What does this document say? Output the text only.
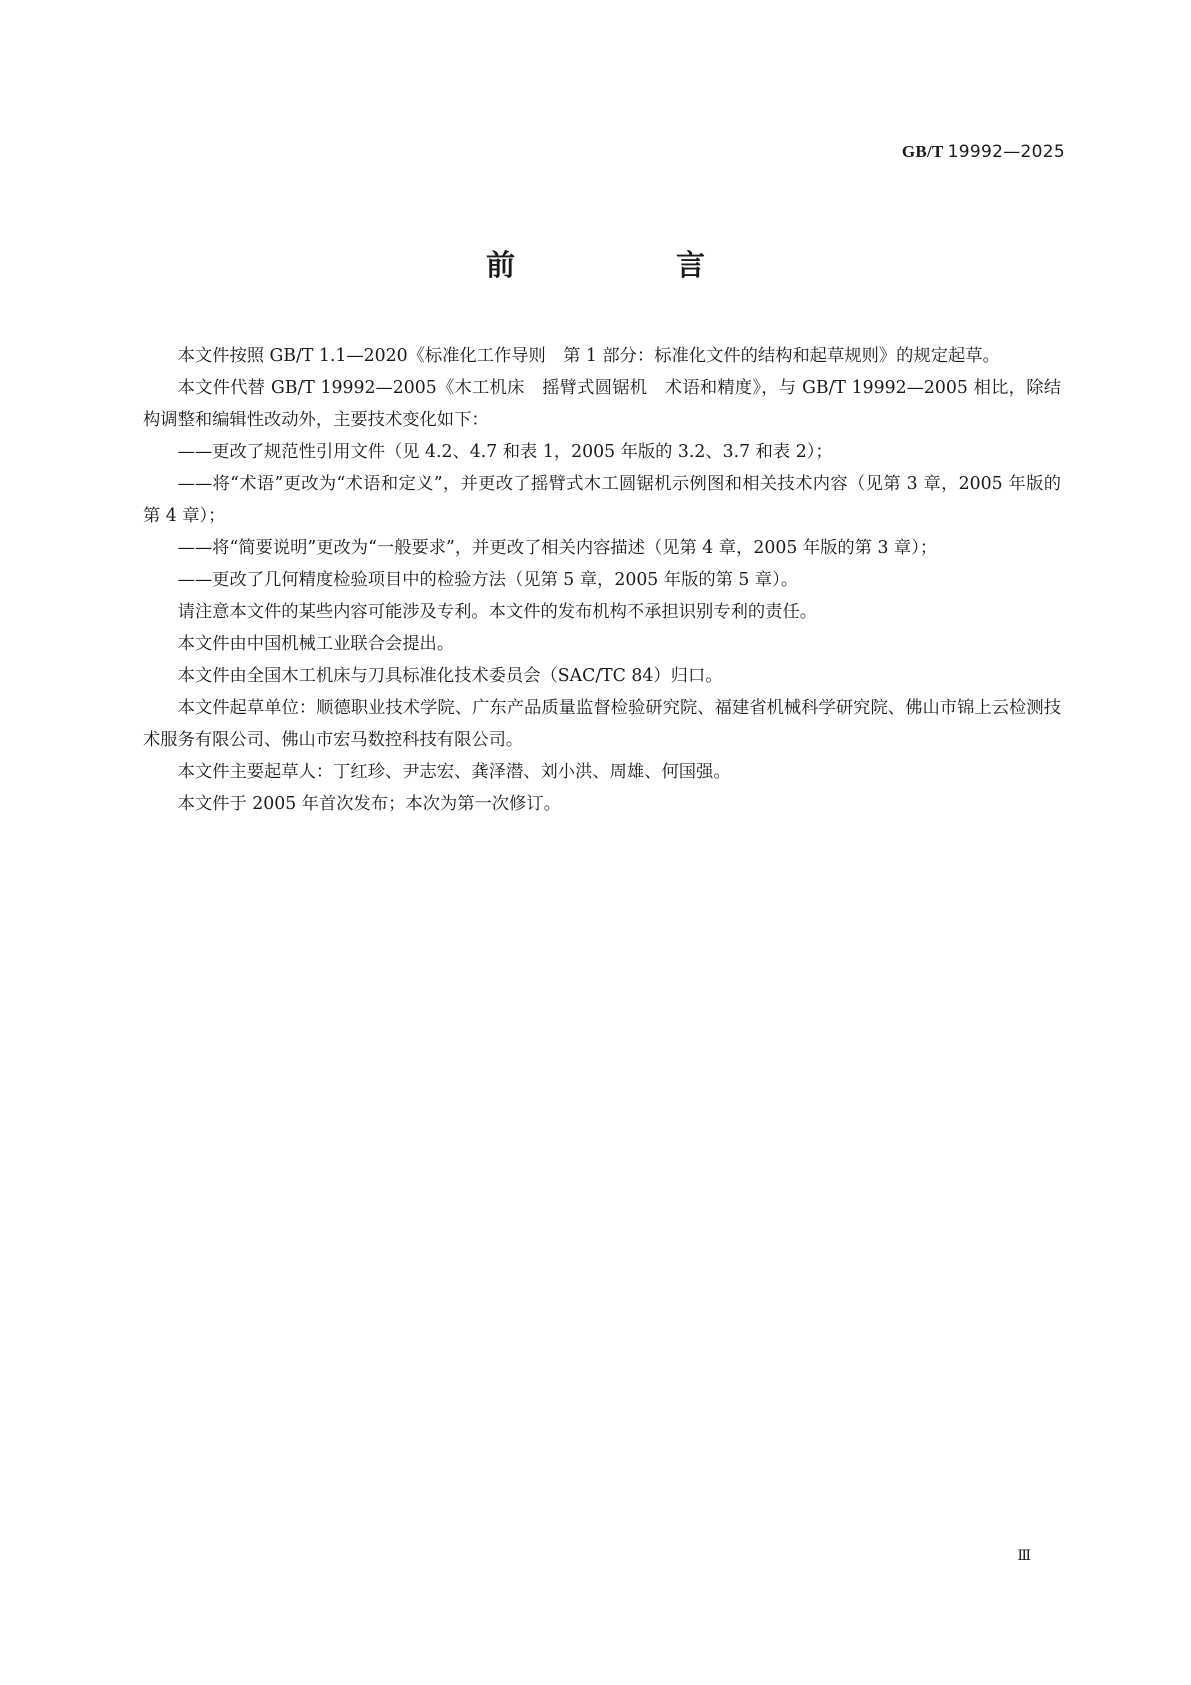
GB/T 19992—2025
前　言

本文件按照 GB/T 1.1—2020《标准化工作导则　第 1 部分：标准化文件的结构和起草规则》的规定起草。

本文件代替 GB/T 19992—2005《木工机床　摇臂式圆锯机　术语和精度》，与 GB/T 19992—2005 相比，除结构调整和编辑性改动外，主要技术变化如下：

——更改了规范性引用文件（见 4.2、4.7 和表 1，2005 年版的 3.2、3.7 和表 2）；

——将“术语”更改为“术语和定义”，并更改了摇臂式木工圆锯机示例图和相关技术内容（见第 3 章，2005 年版的第 4 章）；

——将“简要说明”更改为“一般要求”，并更改了相关内容描述（见第 4 章，2005 年版的第 3 章）；

——更改了几何精度检验项目中的检验方法（见第 5 章，2005 年版的第 5 章）。

请注意本文件的某些内容可能涉及专利。本文件的发布机构不承担识别专利的责任。

本文件由中国机械工业联合会提出。

本文件由全国木工机床与刀具标准化技术委员会（SAC/TC 84）归口。

本文件起草单位：顺德职业技术学院、广东产品质量监督检验研究院、福建省机械科学研究院、佛山市锦上云检测技术服务有限公司、佛山市宏马数控科技有限公司。

本文件主要起草人：丁红珍、尹志宏、龚泽潜、刘小洪、周雄、何国强。

本文件于 2005 年首次发布；本次为第一次修订。

Ⅲ
